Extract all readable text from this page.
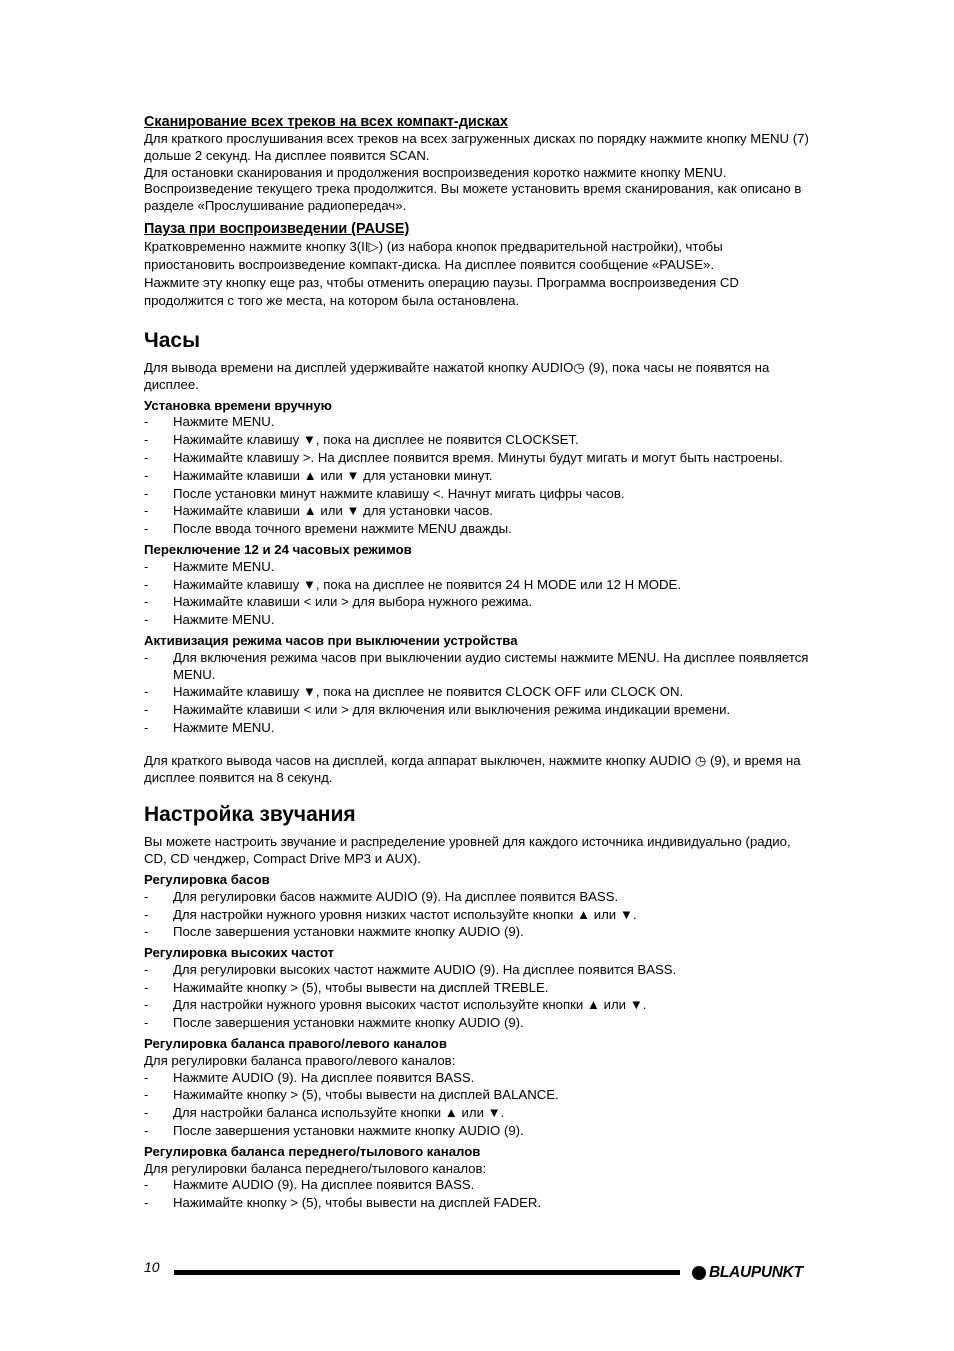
Сканирование всех треков на всех компакт-дисках

Для краткого прослушивания всех треков на всех загруженных дисках по порядку нажмите кнопку MENU (7) дольше 2 секунд. На дисплее появится SCAN.

Для остановки сканирования и продолжения воспроизведения коротко нажмите кнопку MENU. Воспроизведение текущего трека продолжится. Вы можете установить время сканирования, как описано в разделе «Прослушивание радиопередач».

Пауза при воспроизведении (PAUSE)

Кратковременно нажмите кнопку 3(II▷) (из набора кнопок предварительной настройки), чтобы

приостановить воспроизведение компакт-диска. На дисплее появится сообщение «PAUSE».

Нажмите эту кнопку еще раз, чтобы отменить операцию паузы. Программа воспроизведения CD продолжится с того же места, на котором была остановлена.

Часы

Для вывода времени на дисплей удерживайте нажатой кнопку AUDIO◷ (9), пока часы не появятся на дисплее.

Установка времени вручную

- Нажмите MENU.
- Нажимайте клавишу ▼, пока на дисплее не появится CLOCKSET.
- Нажимайте клавишу >. На дисплее появится время. Минуты будут мигать и могут быть настроены.
- Нажимайте клавиши ▲ или ▼ для установки минут.
- После установки минут нажмите клавишу <. Начнут мигать цифры часов.
- Нажимайте клавиши ▲ или ▼ для установки часов.
- После ввода точного времени нажмите MENU дважды.

Переключение 12 и 24 часовых режимов

- Нажмите MENU.
- Нажимайте клавишу ▼, пока на дисплее не появится 24 H MODE или 12 H MODE.
- Нажимайте клавиши < или > для выбора нужного режима.
- Нажмите MENU.

Активизация режима часов при выключении устройства

- Для включения режима часов при выключении аудио системы нажмите MENU. На дисплее появляется MENU.
- Нажимайте клавишу ▼, пока на дисплее не появится CLOCK OFF или CLOCK ON.
- Нажимайте клавиши < или > для включения или выключения режима индикации времени.
- Нажмите MENU.

Для краткого вывода часов на дисплей, когда аппарат выключен, нажмите кнопку AUDIO ◷ (9), и время на дисплее появится на 8 секунд.

Настройка звучания

Вы можете настроить звучание и распределение уровней для каждого источника индивидуально (радио, CD, CD ченджер, Compact Drive MP3 и AUX).

Регулировка басов

- Для регулировки басов нажмите AUDIO (9). На дисплее появится BASS.
- Для настройки нужного уровня низких частот используйте кнопки ▲ или ▼.
- После завершения установки нажмите кнопку AUDIO (9).

Регулировка высоких частот

- Для регулировки высоких частот нажмите AUDIO (9). На дисплее появится BASS.
- Нажимайте кнопку > (5), чтобы вывести на дисплей TREBLE.
- Для настройки нужного уровня высоких частот используйте кнопки ▲ или ▼.
- После завершения установки нажмите кнопку AUDIO (9).

Регулировка баланса правого/левого каналов

Для регулировки баланса правого/левого каналов:

- Нажмите AUDIO (9). На дисплее появится BASS.
- Нажимайте кнопку > (5), чтобы вывести на дисплей BALANCE.
- Для настройки баланса используйте кнопки ▲ или ▼.
- После завершения установки нажмите кнопку AUDIO (9).

Регулировка баланса переднего/тылового каналов

Для регулировки баланса переднего/тылового каналов:

- Нажмите AUDIO (9). На дисплее появится BASS.
- Нажимайте кнопку > (5), чтобы вывести на дисплей FADER.
10	BLAUPUNKT
